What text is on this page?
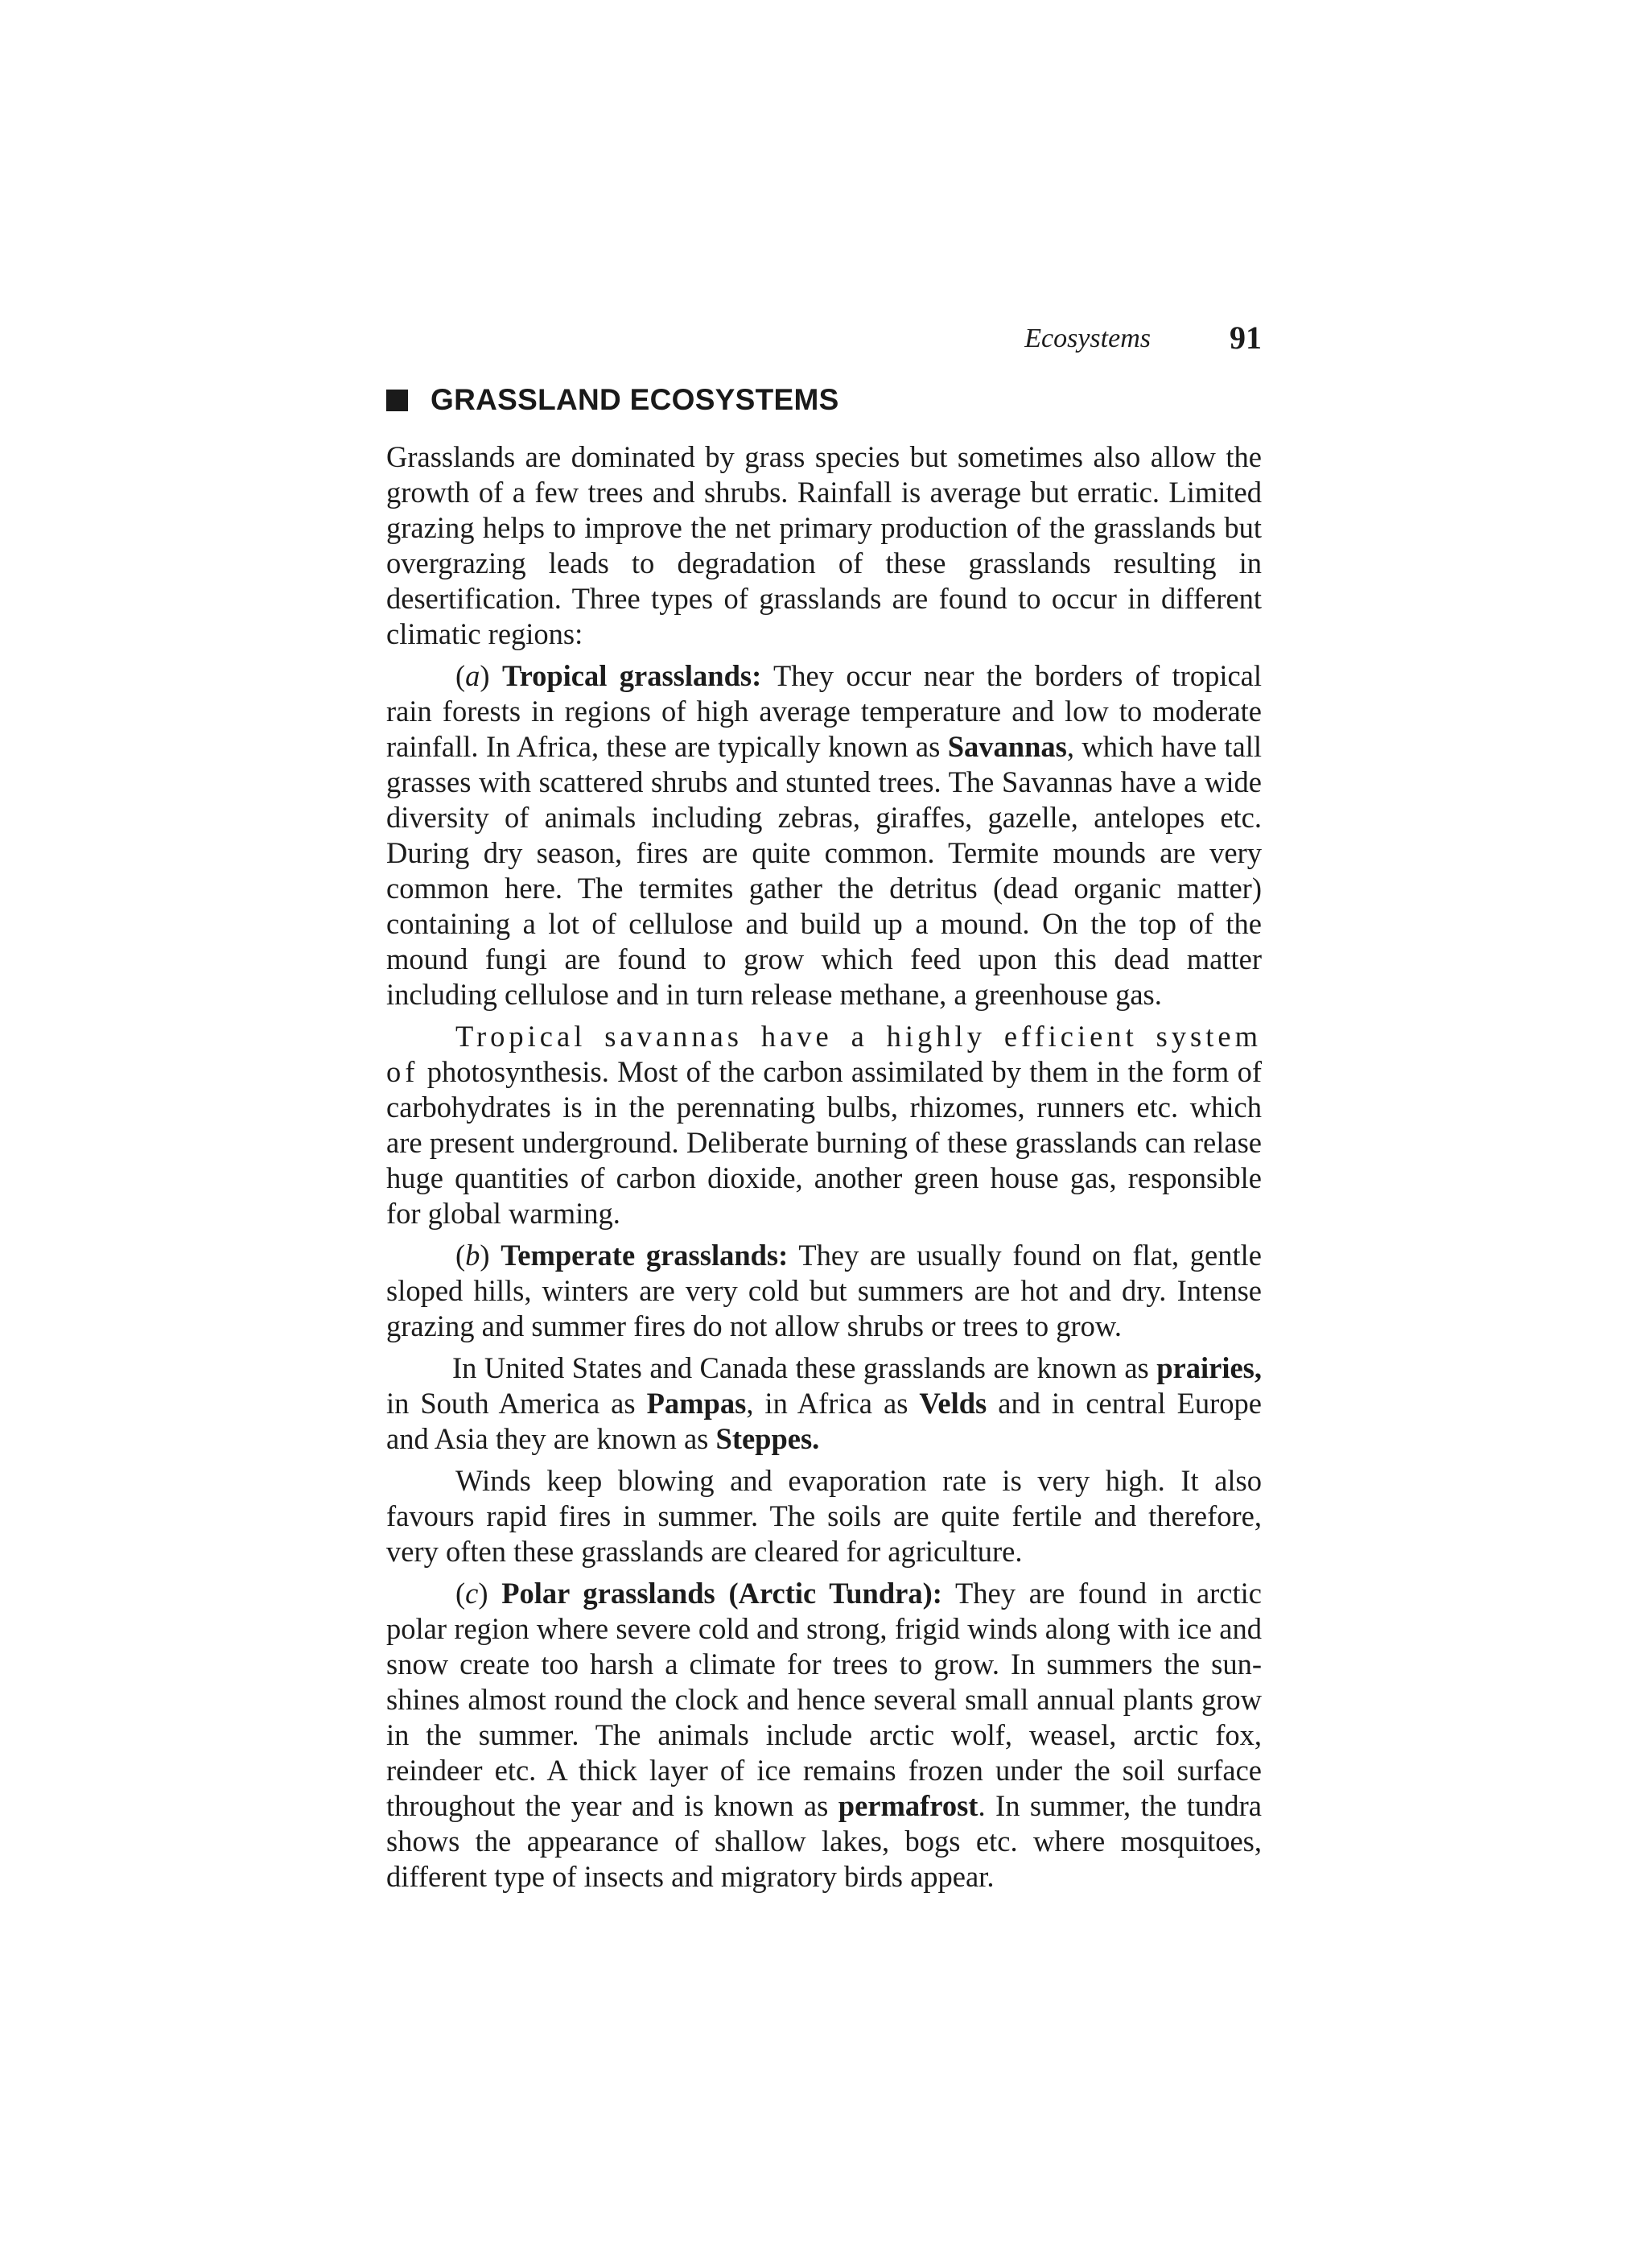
Ecosystems 91
GRASSLAND ECOSYSTEMS

Grasslands are dominated by grass species but sometimes also allow the growth of a few trees and shrubs. Rainfall is average but erratic. Limited grazing helps to improve the net primary production of the grasslands but overgrazing leads to degradation of these grasslands resulting in desertification. Three types of grasslands are found to occur in different climatic regions:

(a) Tropical grasslands: They occur near the borders of tropical rain forests in regions of high average temperature and low to moderate rainfall. In Africa, these are typically known as Savannas, which have tall grasses with scattered shrubs and stunted trees. The Savannas have a wide diversity of animals including zebras, giraffes, gazelle, antelopes etc. During dry season, fires are quite common. Termite mounds are very common here. The termites gather the detritus (dead organic matter) containing a lot of cellulose and build up a mound. On the top of the mound fungi are found to grow which feed upon this dead matter including cellulose and in turn release methane, a greenhouse gas.

Tropical savannas have a highly efficient system of photosynthesis. Most of the carbon assimilated by them in the form of carbohydrates is in the perennating bulbs, rhizomes, runners etc. which are present underground. Deliberate burning of these grasslands can relase huge quantities of carbon dioxide, another green house gas, responsible for global warming.

(b) Temperate grasslands: They are usually found on flat, gentle sloped hills, winters are very cold but summers are hot and dry. Intense grazing and summer fires do not allow shrubs or trees to grow.

In United States and Canada these grasslands are known as prairies, in South America as Pampas, in Africa as Velds and in central Europe and Asia they are known as Steppes.

Winds keep blowing and evaporation rate is very high. It also favours rapid fires in summer. The soils are quite fertile and therefore, very often these grasslands are cleared for agriculture.

(c) Polar grasslands (Arctic Tundra): They are found in arctic polar region where severe cold and strong, frigid winds along with ice and snow create too harsh a climate for trees to grow. In summers the sun-shines almost round the clock and hence several small annual plants grow in the summer. The animals include arctic wolf, weasel, arctic fox, reindeer etc. A thick layer of ice remains frozen under the soil surface throughout the year and is known as permafrost. In summer, the tundra shows the appearance of shallow lakes, bogs etc. where mosquitoes, different type of insects and migratory birds appear.
